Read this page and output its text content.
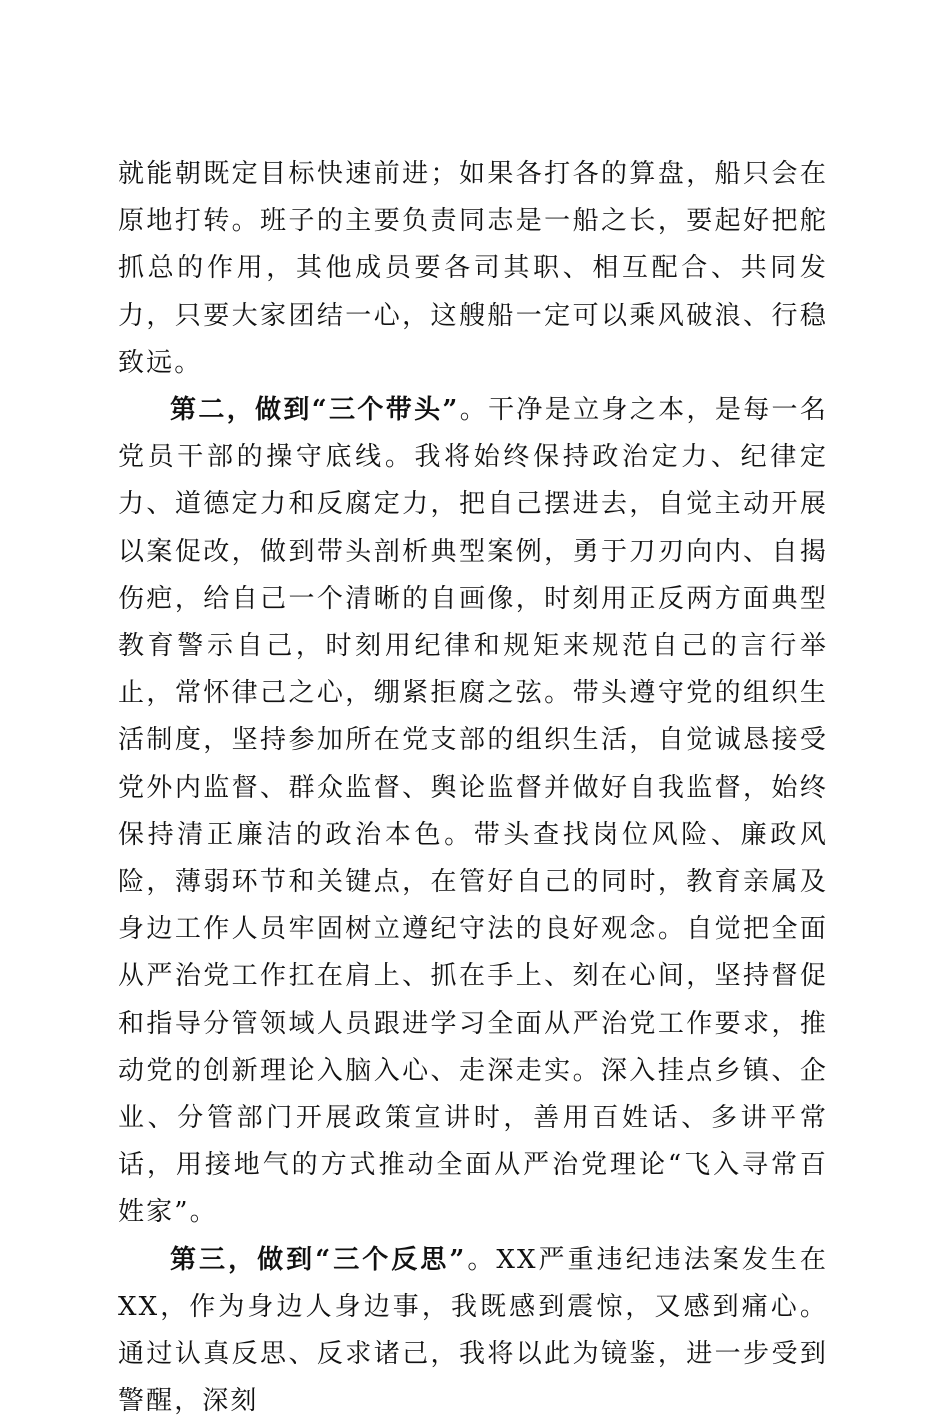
就能朝既定目标快速前进；如果各打各的算盘，船只会在原地打转。班子的主要负责同志是一船之长，要起好把舵抓总的作用，其他成员要各司其职、相互配合、共同发力，只要大家团结一心，这艘船一定可以乘风破浪、行稳致远。

第二，做到“三个带头”。干净是立身之本，是每一名党员干部的操守底线。我将始终保持政治定力、纪律定力、道德定力和反腐定力，把自己摆进去，自觉主动开展以案促改，做到带头剖析典型案例，勇于刀刃向内、自揭伤疤，给自己一个清晰的自画像，时刻用正反两方面典型教育警示自己，时刻用纪律和规矩来规范自己的言行举止，常怀律己之心，绷紧拒腐之弦。带头遵守党的组织生活制度，坚持参加所在党支部的组织生活，自觉诚恳接受党外内监督、群众监督、舆论监督并做好自我监督，始终保持清正廉洁的政治本色。带头查找岗位风险、廉政风险，薄弱环节和关键点，在管好自己的同时，教育亲属及身边工作人员牢固树立遵纪守法的良好观念。自觉把全面从严治党工作扛在肩上、抓在手上、刻在心间，坚持督促和指导分管领域人员跟进学习全面从严治党工作要求，推动党的创新理论入脑入心、走深走实。深入挂点乡镇、企业、分管部门开展政策宣讲时，善用百姓话、多讲平常话，用接地气的方式推动全面从严治党理论“飞入寻常百姓家”。

第三，做到“三个反思”。XX严重违纪违法案发生在XX，作为身边人身边事，我既感到震惊，又感到痛心。通过认真反思、反求诸己，我将以此为镜鉴，进一步受到警醒，深刻
